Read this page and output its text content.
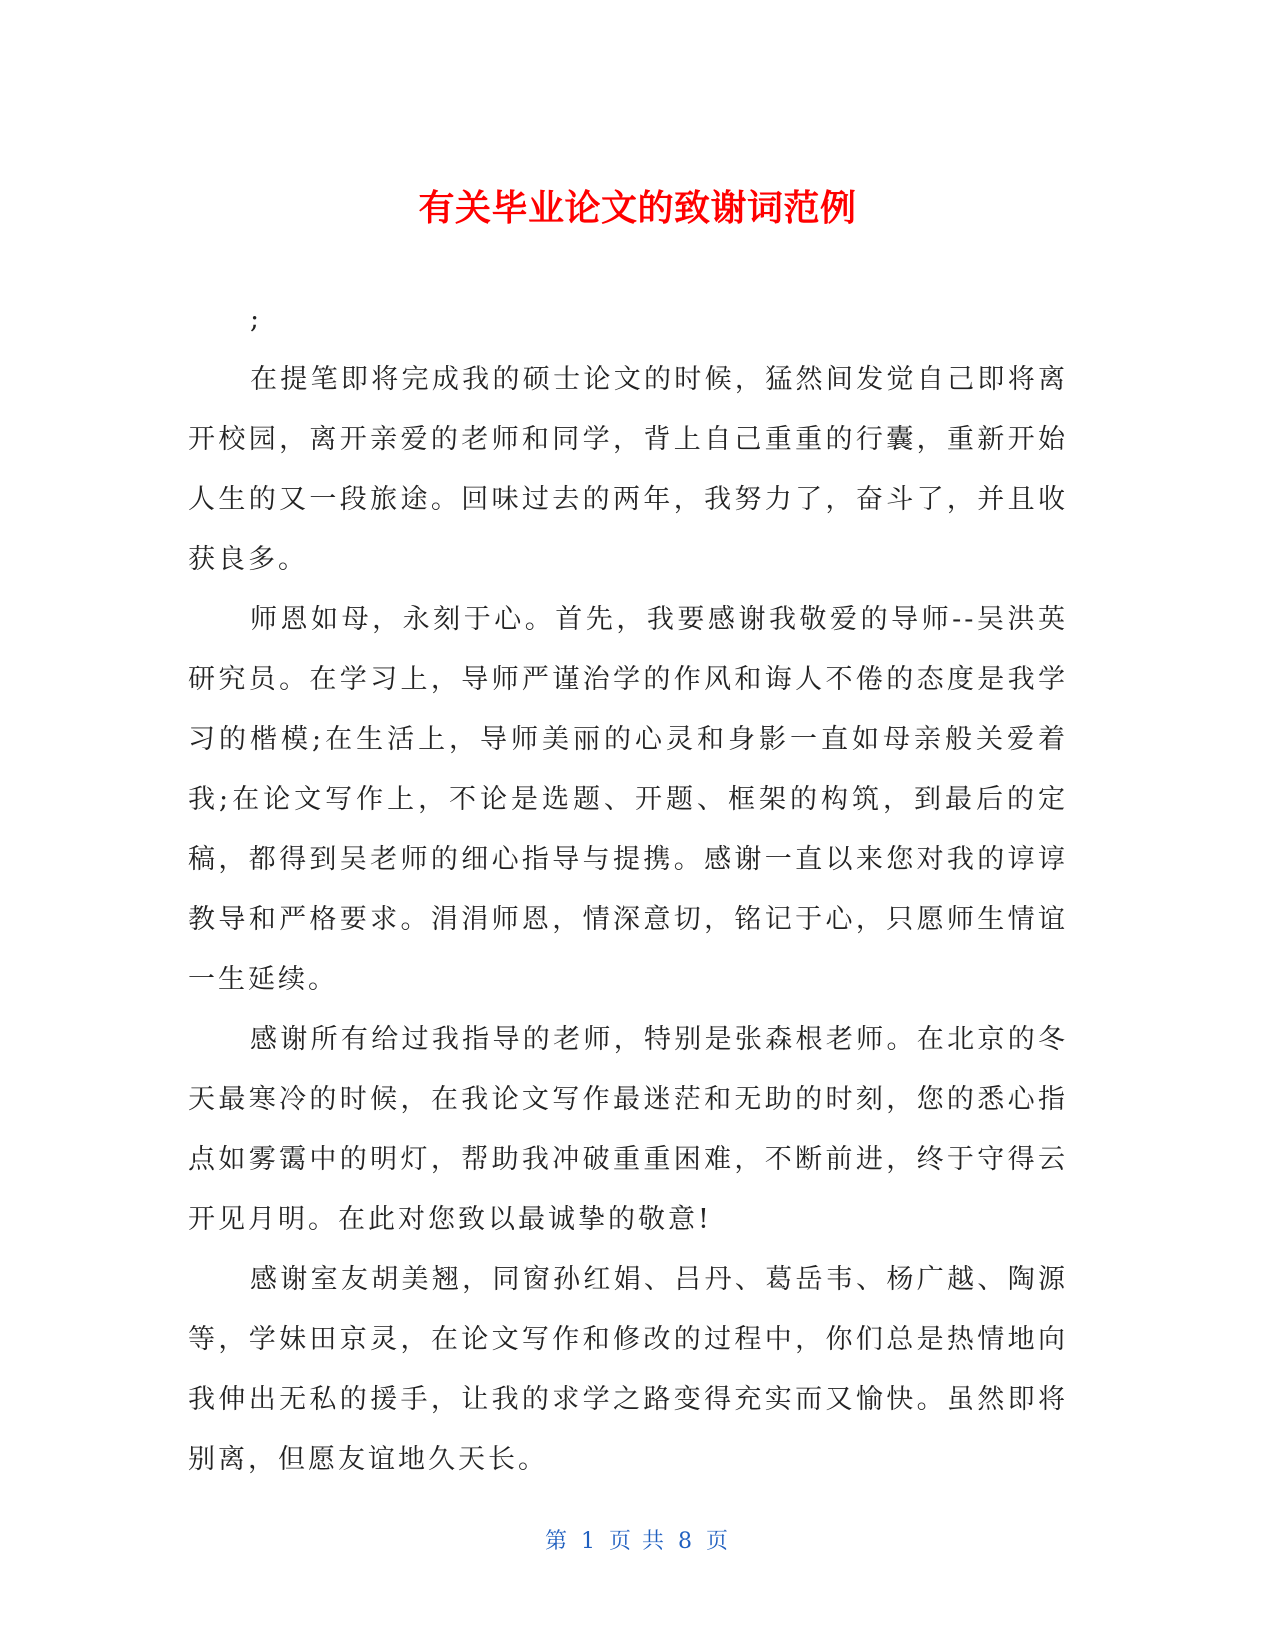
有关毕业论文的致谢词范例

;

在提笔即将完成我的硕士论文的时候，猛然间发觉自己即将离开校园，离开亲爱的老师和同学，背上自己重重的行囊，重新开始人生的又一段旅途。回味过去的两年，我努力了，奋斗了，并且收获良多。

师恩如母，永刻于心。首先，我要感谢我敬爱的导师--吴洪英研究员。在学习上，导师严谨治学的作风和诲人不倦的态度是我学习的楷模;在生活上，导师美丽的心灵和身影一直如母亲般关爱着我;在论文写作上，不论是选题、开题、框架的构筑，到最后的定稿，都得到吴老师的细心指导与提携。感谢一直以来您对我的谆谆教导和严格要求。涓涓师恩，情深意切，铭记于心，只愿师生情谊一生延续。

感谢所有给过我指导的老师，特别是张森根老师。在北京的冬天最寒冷的时候，在我论文写作最迷茫和无助的时刻，您的悉心指点如雾霭中的明灯，帮助我冲破重重困难，不断前进，终于守得云开见月明。在此对您致以最诚挚的敬意!

感谢室友胡美翘，同窗孙红娟、吕丹、葛岳韦、杨广越、陶源等，学妹田京灵，在论文写作和修改的过程中，你们总是热情地向我伸出无私的援手，让我的求学之路变得充实而又愉快。虽然即将别离，但愿友谊地久天长。

第 1 页 共 8 页
